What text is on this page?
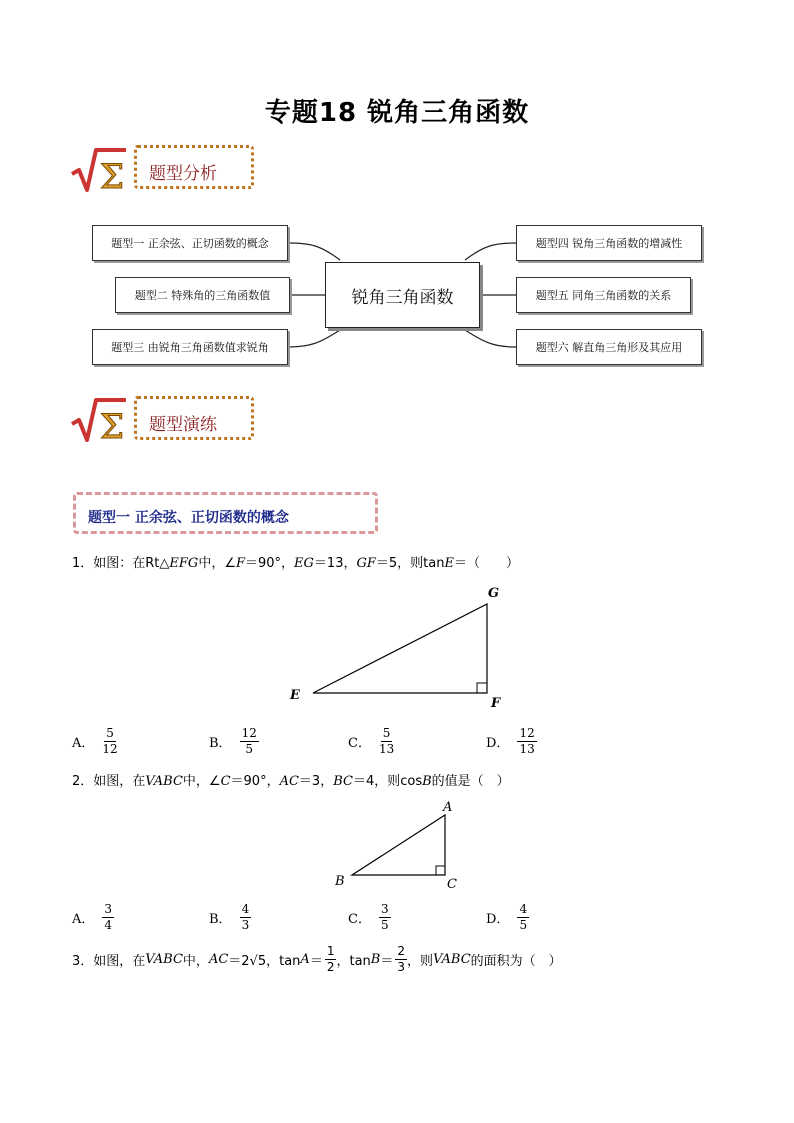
专题18 锐角三角函数
Σ	题型分析
题型一 正余弦、正切函数的概念
题型二 特殊角的三角函数值
题型三 由锐角三角函数值求锐角
锐角三角函数
题型四 锐角三角函数的增减性
题型五 同角三角函数的关系
题型六 解直角三角形及其应用
Σ	题型演练
题型一 正余弦、正切函数的概念
1．如图：在Rt△EFG中，∠F＝90°，EG＝13，GF＝5，则tanE＝（　　）
G
E
F
A． $\frac{5}{12}$	B． $\frac{12}{5}$	C． $\frac{5}{13}$	D． $\frac{12}{13}$
2．如图，在VABC中，∠C＝90°，AC＝3，BC＝4，则cosB的值是（　）
A
B	C
A． $\frac{3}{4}$	B． $\frac{4}{3}$	C． $\frac{3}{5}$	D． $\frac{4}{5}$
3．如图，在 VABC 中， AC ＝2√5，$\tan A = \frac{1}{2}$ ，$\tan B = \frac{2}{3}$ ，则 VABC 的面积为（　）
